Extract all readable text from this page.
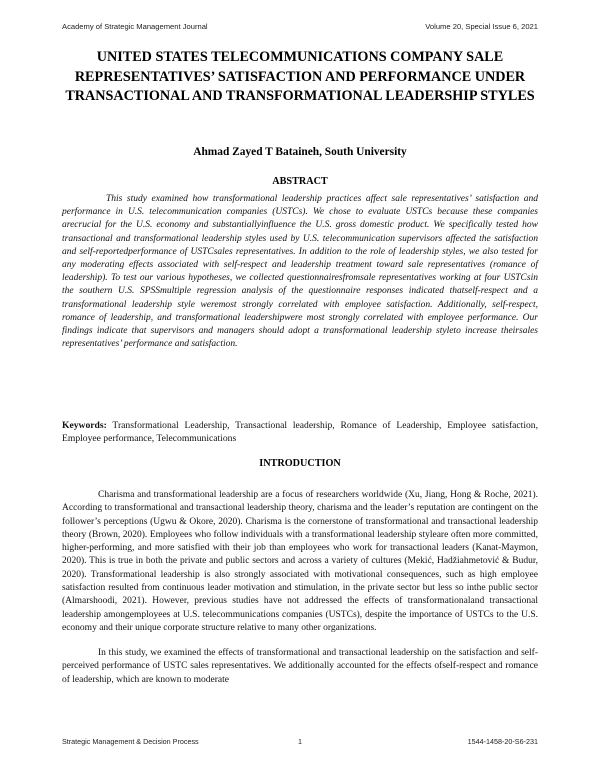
Academy of Strategic Management Journal	Volume 20, Special Issue 6, 2021
UNITED STATES TELECOMMUNICATIONS COMPANY SALE REPRESENTATIVES’ SATISFACTION AND PERFORMANCE UNDER TRANSACTIONAL AND TRANSFORMATIONAL LEADERSHIP STYLES

Ahmad Zayed T Bataineh, South University

ABSTRACT

This study examined how transformational leadership practices affect sale representatives’ satisfaction and performance in U.S. telecommunication companies (USTCs). We chose to evaluate USTCs because these companies arecrucial for the U.S. economy and substantiallyinfluence the U.S. gross domestic product. We specifically tested how transactional and transformational leadership styles used by U.S. telecommunication supervisors affected the satisfaction and self-reportedperformance of USTCsales representatives. In addition to the role of leadership styles, we also tested for any moderating effects associated with self-respect and leadership treatment toward sale representatives (romance of leadership). To test our various hypotheses, we collected questionnairesfromsale representatives working at four USTCsin the southern U.S. SPSSmultiple regression analysis of the questionnaire responses indicated thatself-respect and a transformational leadership style weremost strongly correlated with employee satisfaction. Additionally, self-respect, romance of leadership, and transformational leadershipwere most strongly correlated with employee performance. Our findings indicate that supervisors and managers should adopt a transformational leadership styleto increase theirsales representatives’ performance and satisfaction.

Keywords: Transformational Leadership, Transactional leadership, Romance of Leadership, Employee satisfaction, Employee performance, Telecommunications

INTRODUCTION

Charisma and transformational leadership are a focus of researchers worldwide (Xu, Jiang, Hong & Roche, 2021). According to transformational and transactional leadership theory, charisma and the leader’s reputation are contingent on the follower’s perceptions (Ugwu & Okore, 2020). Charisma is the cornerstone of transformational and transactional leadership theory (Brown, 2020). Employees who follow individuals with a transformational leadership styleare often more committed, higher-performing, and more satisfied with their job than employees who work for transactional leaders (Kanat-Maymon, 2020). This is true in both the private and public sectors and across a variety of cultures (Mekić, Hadžiahmetović & Budur, 2020). Transformational leadership is also strongly associated with motivational consequences, such as high employee satisfaction resulted from continuous leader motivation and stimulation, in the private sector but less so inthe public sector (Almarshoodi, 2021). However, previous studies have not addressed the effects of transformationaland transactional leadership amongemployees at U.S. telecommunications companies (USTCs), despite the importance of USTCs to the U.S. economy and their unique corporate structure relative to many other organizations.

In this study, we examined the effects of transformational and transactional leadership on the satisfaction and self-perceived performance of USTC sales representatives. We additionally accounted for the effects ofself-respect and romance of leadership, which are known to moderate

Strategic Management & Decision Process	1	1544-1458-20-S6-231
